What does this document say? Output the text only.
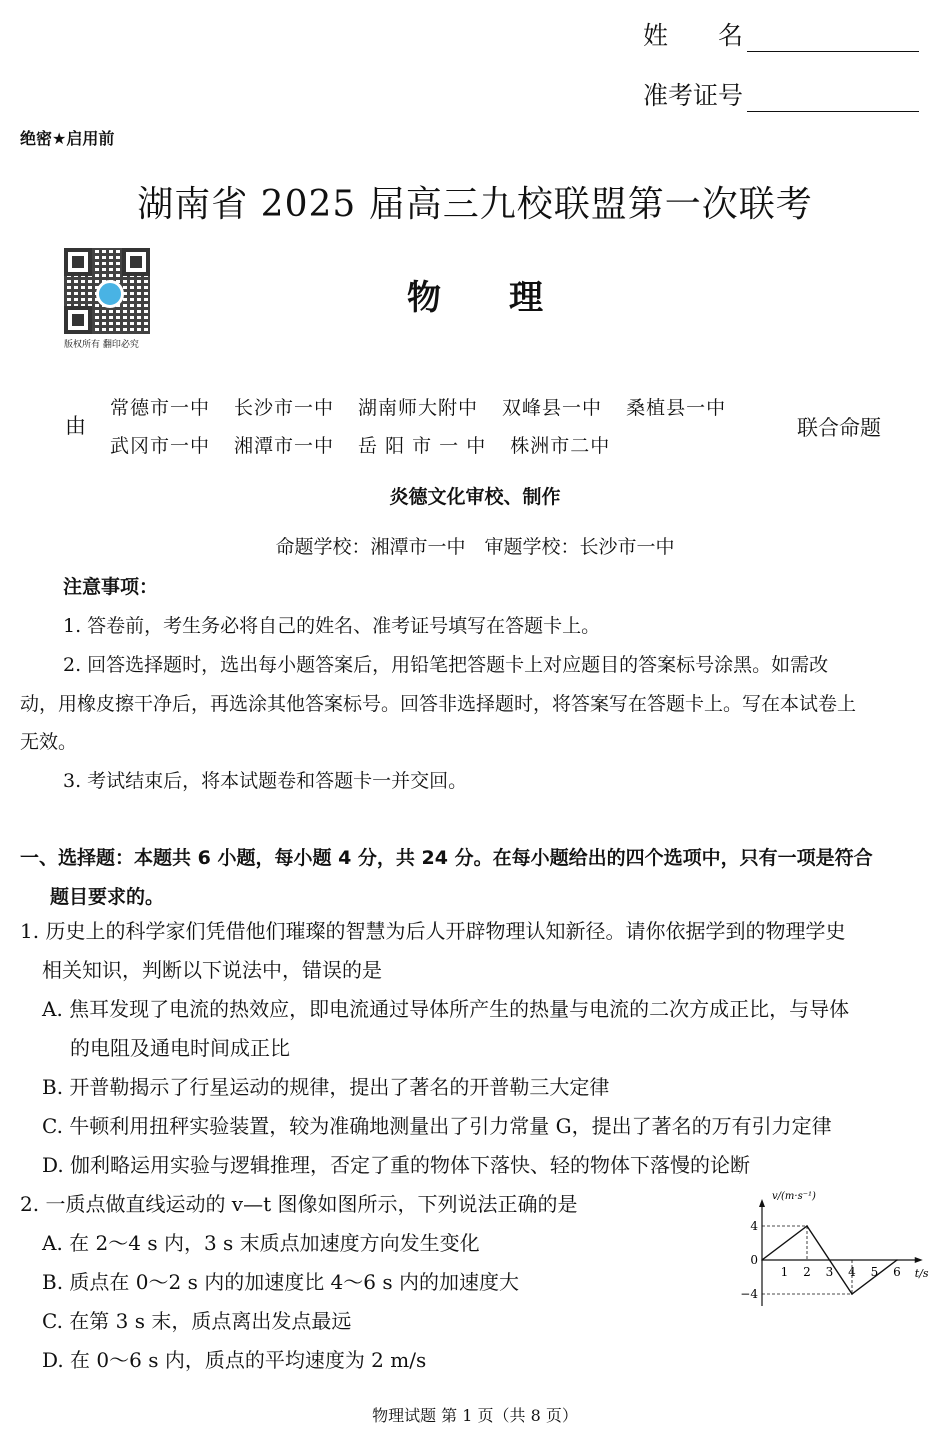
姓　　名
准考证号
绝密★启用前
湖南省 2025 届高三九校联盟第一次联考
版权所有 翻印必究
物　　理
由
常德市一中 长沙市一中 湖南师大附中 双峰县一中 桑植县一中
武冈市一中 湘潭市一中 岳 阳 市 一 中 株洲市二中
联合命题
炎德文化审校、制作
命题学校：湘潭市一中　审题学校：长沙市一中
注意事项：
1. 答卷前，考生务必将自己的姓名、准考证号填写在答题卡上。
2. 回答选择题时，选出每小题答案后，用铅笔把答题卡上对应题目的答案标号涂黑。如需改
动，用橡皮擦干净后，再选涂其他答案标号。回答非选择题时，将答案写在答题卡上。写在本试卷上
无效。
3. 考试结束后，将本试题卷和答题卡一并交回。
一、选择题：本题共 6 小题，每小题 4 分，共 24 分。在每小题给出的四个选项中，只有一项是符合
题目要求的。
1. 历史上的科学家们凭借他们璀璨的智慧为后人开辟物理认知新径。请你依据学到的物理学史
相关知识，判断以下说法中，错误的是
A. 焦耳发现了电流的热效应，即电流通过导体所产生的热量与电流的二次方成正比，与导体
的电阻及通电时间成正比
B. 开普勒揭示了行星运动的规律，提出了著名的开普勒三大定律
C. 牛顿利用扭秤实验装置，较为准确地测量出了引力常量 G，提出了著名的万有引力定律
D. 伽利略运用实验与逻辑推理，否定了重的物体下落快、轻的物体下落慢的论断
2. 一质点做直线运动的 v—t 图像如图所示，下列说法正确的是
A. 在 2～4 s 内，3 s 末质点加速度方向发生变化
B. 质点在 0～2 s 内的加速度比 4～6 s 内的加速度大
C. 在第 3 s 末，质点离出发点最远
D. 在 0～6 s 内，质点的平均速度为 2 m/s
v/(m·s⁻¹)
t/s
4
0
−4
1 2 3 4 5 6
物理试题 第 1 页（共 8 页）
